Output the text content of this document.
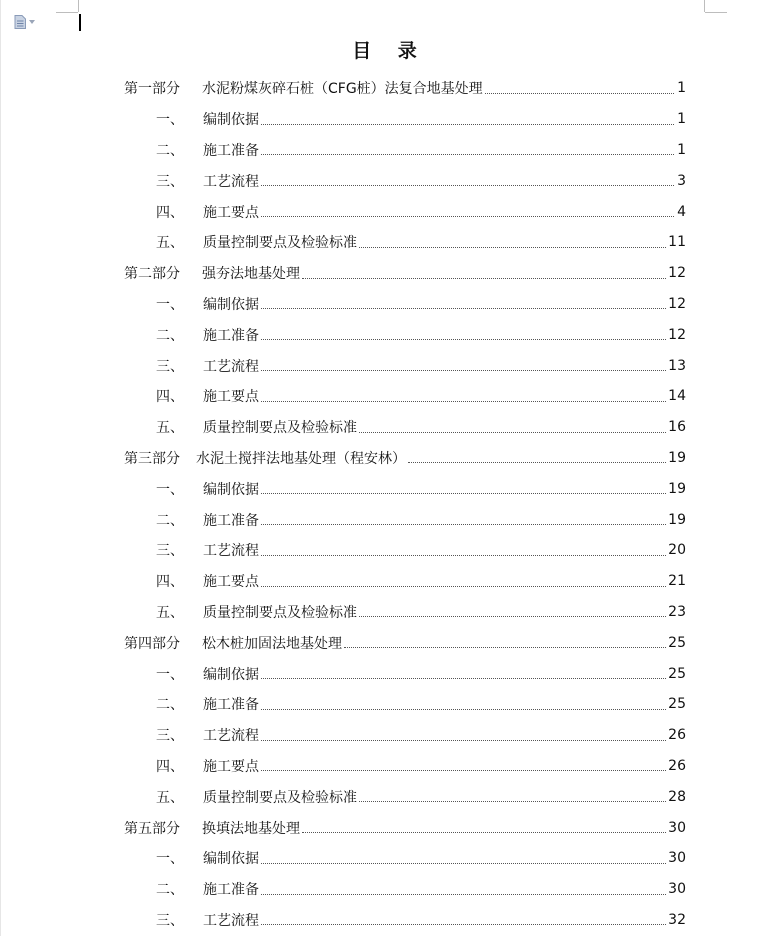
目 录
第一部分	水泥粉煤灰碎石桩（CFG桩）法复合地基处理	1
一、	编制依据	1
二、	施工准备	1
三、	工艺流程	3
四、	施工要点	4
五、	质量控制要点及检验标准	11
第二部分	强夯法地基处理	12
一、	编制依据	12
二、	施工准备	12
三、	工艺流程	13
四、	施工要点	14
五、	质量控制要点及检验标准	16
第三部分	水泥土搅拌法地基处理（程安林）	19
一、	编制依据	19
二、	施工准备	19
三、	工艺流程	20
四、	施工要点	21
五、	质量控制要点及检验标准	23
第四部分	松木桩加固法地基处理	25
一、	编制依据	25
二、	施工准备	25
三、	工艺流程	26
四、	施工要点	26
五、	质量控制要点及检验标准	28
第五部分	换填法地基处理	30
一、	编制依据	30
二、	施工准备	30
三、	工艺流程	32
